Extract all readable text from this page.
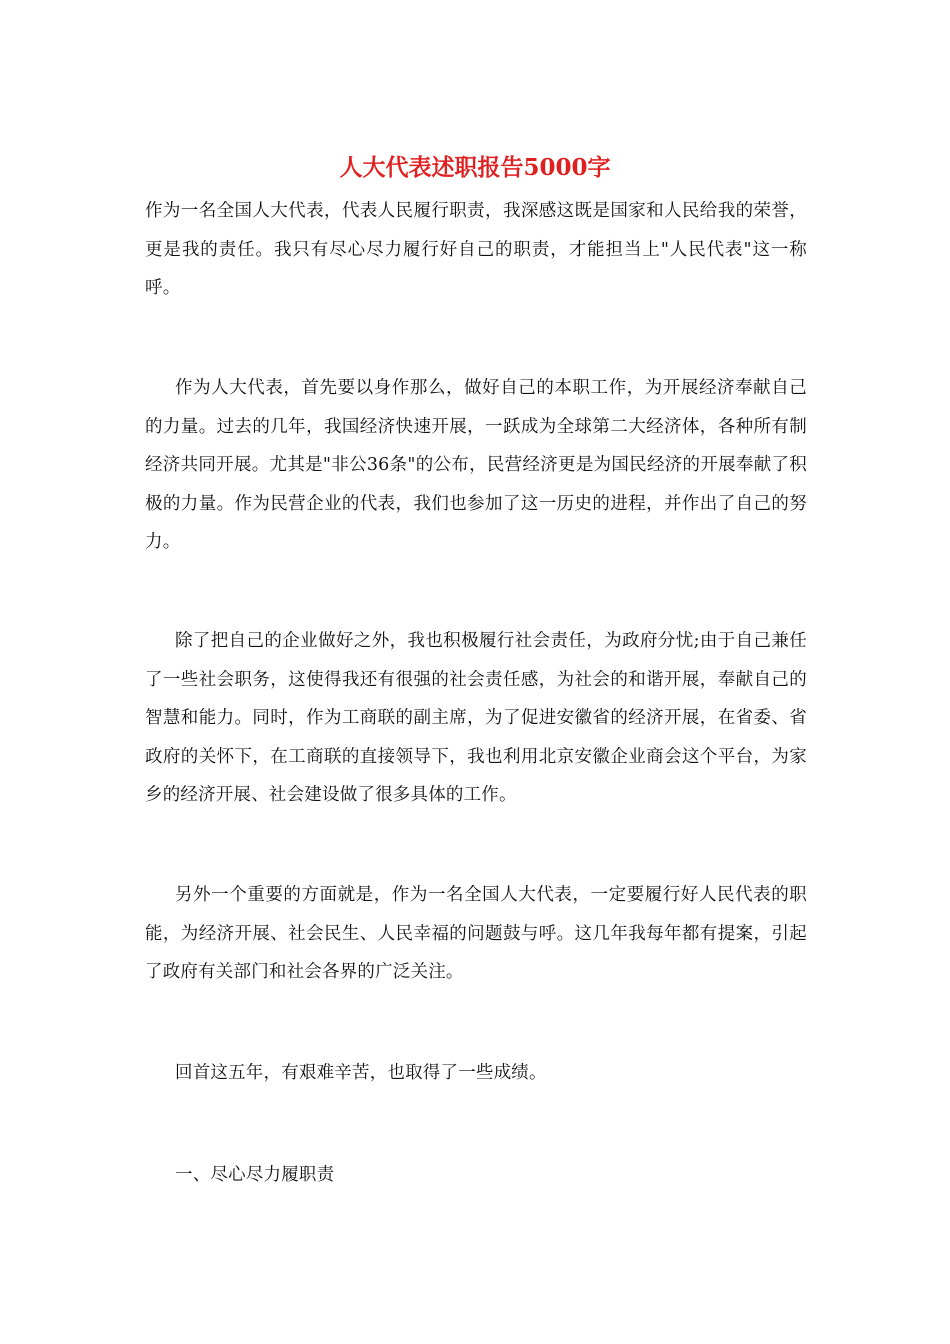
人大代表述职报告5000字

作为一名全国人大代表，代表人民履行职责，我深感这既是国家和人民给我的荣誉，更是我的责任。我只有尽心尽力履行好自己的职责，才能担当上"人民代表"这一称呼。

作为人大代表，首先要以身作那么，做好自己的本职工作，为开展经济奉献自己的力量。过去的几年，我国经济快速开展，一跃成为全球第二大经济体，各种所有制经济共同开展。尤其是"非公36条"的公布，民营经济更是为国民经济的开展奉献了积极的力量。作为民营企业的代表，我们也参加了这一历史的进程，并作出了自己的努力。

除了把自己的企业做好之外，我也积极履行社会责任，为政府分忧;由于自己兼任了一些社会职务，这使得我还有很强的社会责任感，为社会的和谐开展，奉献自己的智慧和能力。同时，作为工商联的副主席，为了促进安徽省的经济开展，在省委、省政府的关怀下，在工商联的直接领导下，我也利用北京安徽企业商会这个平台，为家乡的经济开展、社会建设做了很多具体的工作。

另外一个重要的方面就是，作为一名全国人大代表，一定要履行好人民代表的职能，为经济开展、社会民生、人民幸福的问题鼓与呼。这几年我每年都有提案，引起了政府有关部门和社会各界的广泛关注。

回首这五年，有艰难辛苦，也取得了一些成绩。

一、尽心尽力履职责
